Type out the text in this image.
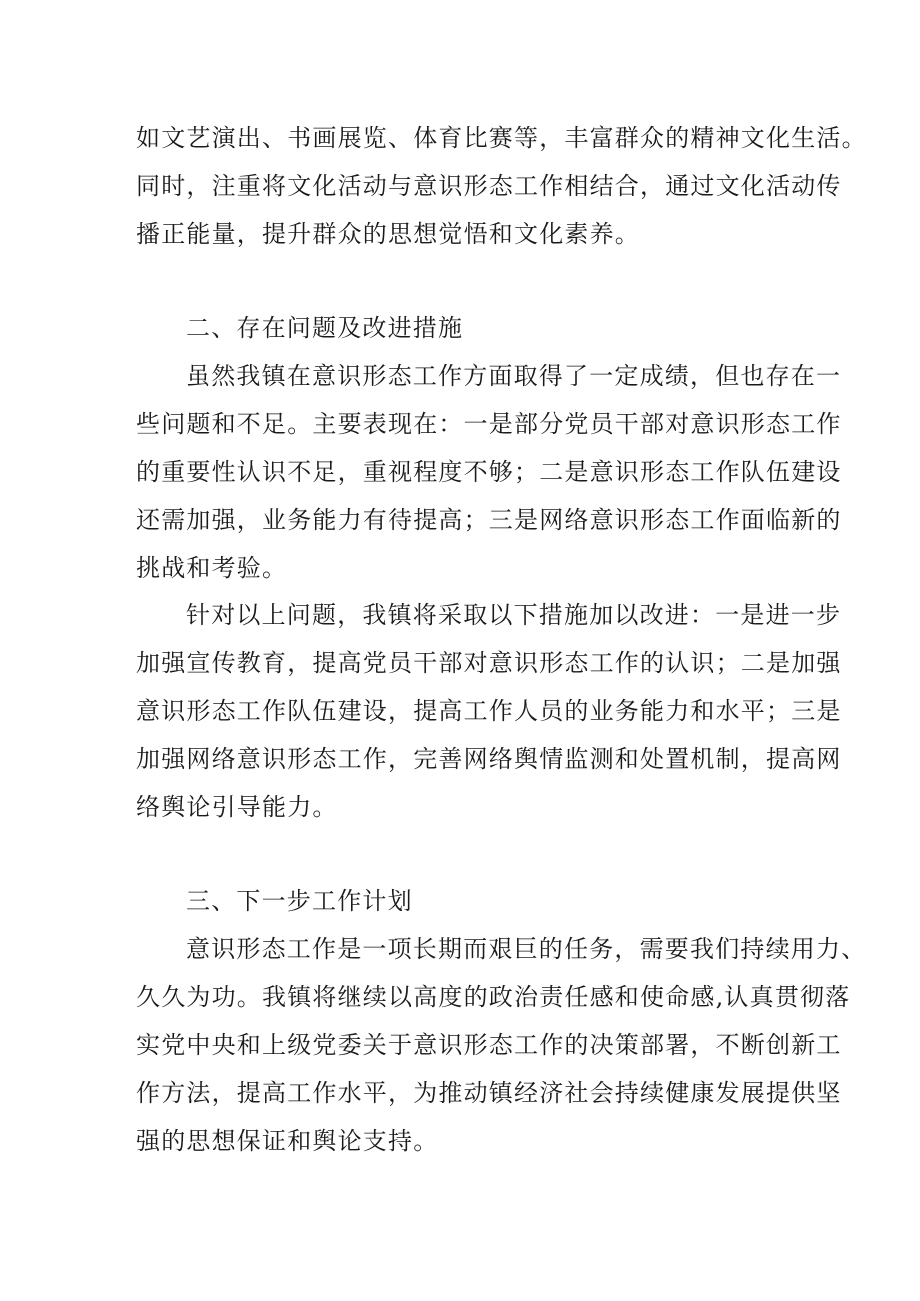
如文艺演出、书画展览、体育比赛等，丰富群众的精神文化生活。
同时，注重将文化活动与意识形态工作相结合，通过文化活动传
播正能量，提升群众的思想觉悟和文化素养。
二、存在问题及改进措施
虽然我镇在意识形态工作方面取得了一定成绩，但也存在一
些问题和不足。主要表现在：一是部分党员干部对意识形态工作
的重要性认识不足，重视程度不够；二是意识形态工作队伍建设
还需加强，业务能力有待提高；三是网络意识形态工作面临新的
挑战和考验。
针对以上问题，我镇将采取以下措施加以改进：一是进一步
加强宣传教育，提高党员干部对意识形态工作的认识；二是加强
意识形态工作队伍建设，提高工作人员的业务能力和水平；三是
加强网络意识形态工作，完善网络舆情监测和处置机制，提高网
络舆论引导能力。
三、下一步工作计划
意识形态工作是一项长期而艰巨的任务，需要我们持续用力、
久久为功。我镇将继续以高度的政治责任感和使命感,认真贯彻落
实党中央和上级党委关于意识形态工作的决策部署，不断创新工
作方法，提高工作水平，为推动镇经济社会持续健康发展提供坚
强的思想保证和舆论支持。
